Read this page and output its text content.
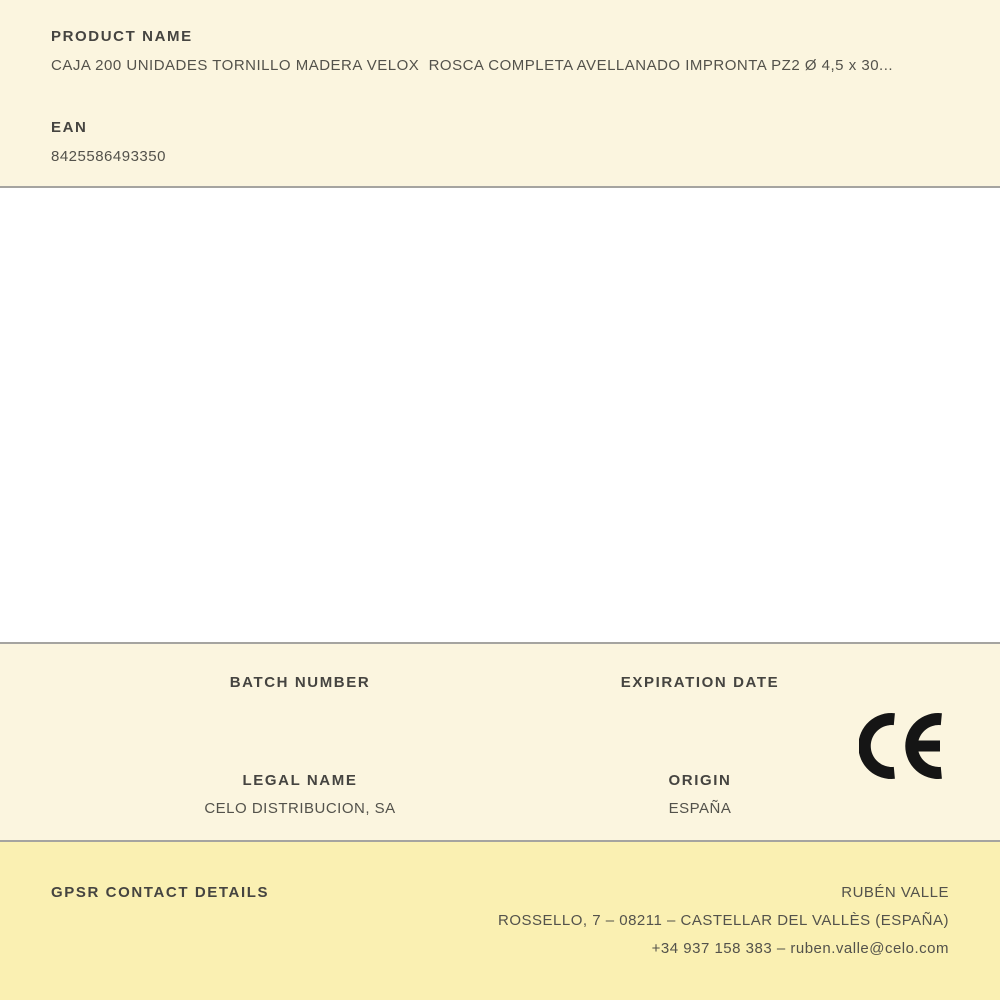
PRODUCT NAME
CAJA 200 UNIDADES TORNILLO MADERA VELOX  ROSCA COMPLETA AVELLANADO IMPRONTA PZ2 Ø 4,5 x 30...
EAN
8425586493350
BATCH NUMBER	EXPIRATION DATE
LEGAL NAME
CELO DISTRIBUCION, SA
ORIGIN
ESPAÑA
GPSR CONTACT DETAILS	RUBÉN VALLE
ROSSELLO, 7 – 08211 – CASTELLAR DEL VALLÈS (ESPAÑA)
+34 937 158 383 – ruben.valle@celo.com
